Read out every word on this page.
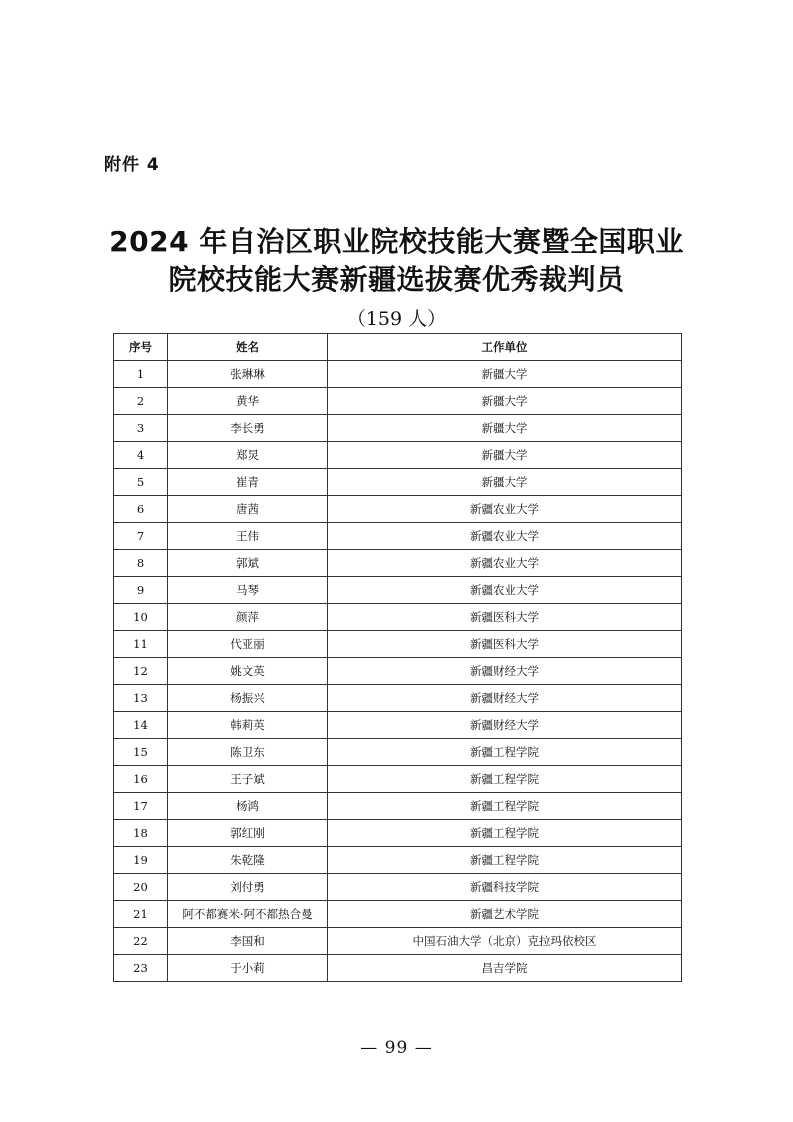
附件 4
2024 年自治区职业院校技能大赛暨全国职业
院校技能大赛新疆选拔赛优秀裁判员
（159 人）
序号	姓名	工作单位
1	张琳琳	新疆大学
2	黄华	新疆大学
3	李长勇	新疆大学
4	郑炅	新疆大学
5	崔青	新疆大学
6	唐茜	新疆农业大学
7	王伟	新疆农业大学
8	郭斌	新疆农业大学
9	马琴	新疆农业大学
10	颜萍	新疆医科大学
11	代亚丽	新疆医科大学
12	姚文英	新疆财经大学
13	杨振兴	新疆财经大学
14	韩莉英	新疆财经大学
15	陈卫东	新疆工程学院
16	王子斌	新疆工程学院
17	杨鸿	新疆工程学院
18	郭红刚	新疆工程学院
19	朱乾隆	新疆工程学院
20	刘付勇	新疆科技学院
21	阿不都赛米·阿不都热合曼	新疆艺术学院
22	李国和	中国石油大学（北京）克拉玛依校区
23	于小莉	昌吉学院
— 99 —
